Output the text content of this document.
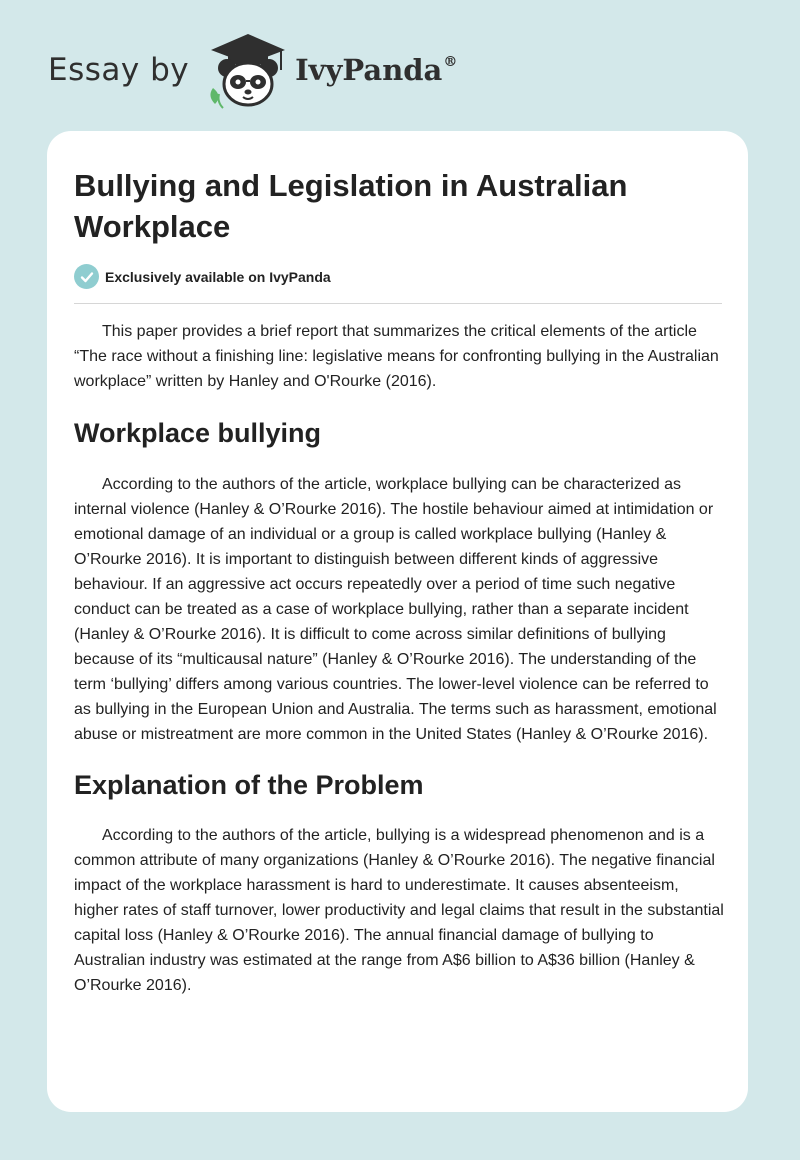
Essay by	IvyPanda®
Bullying and Legislation in Australian Workplace
Exclusively available on IvyPanda

This paper provides a brief report that summarizes the critical elements of the article “The race without a finishing line: legislative means for confronting bullying in the Australian workplace” written by Hanley and O'Rourke (2016).

Workplace bullying

According to the authors of the article, workplace bullying can be characterized as internal violence (Hanley & O’Rourke 2016). The hostile behaviour aimed at intimidation or emotional damage of an individual or a group is called workplace bullying (Hanley & O’Rourke 2016). It is important to distinguish between different kinds of aggressive behaviour. If an aggressive act occurs repeatedly over a period of time such negative conduct can be treated as a case of workplace bullying, rather than a separate incident (Hanley & O’Rourke 2016). It is difficult to come across similar definitions of bullying because of its “multicausal nature” (Hanley & O’Rourke 2016). The understanding of the term ‘bullying’ differs among various countries. The lower-level violence can be referred to as bullying in the European Union and Australia. The terms such as harassment, emotional abuse or mistreatment are more common in the United States (Hanley & O’Rourke 2016).

Explanation of the Problem

According to the authors of the article, bullying is a widespread phenomenon and is a common attribute of many organizations (Hanley & O’Rourke 2016). The negative financial impact of the workplace harassment is hard to underestimate. It causes absenteeism, higher rates of staff turnover, lower productivity and legal claims that result in the substantial capital loss (Hanley & O’Rourke 2016). The annual financial damage of bullying to Australian industry was estimated at the range from A$6 billion to A$36 billion (Hanley & O’Rourke 2016).
